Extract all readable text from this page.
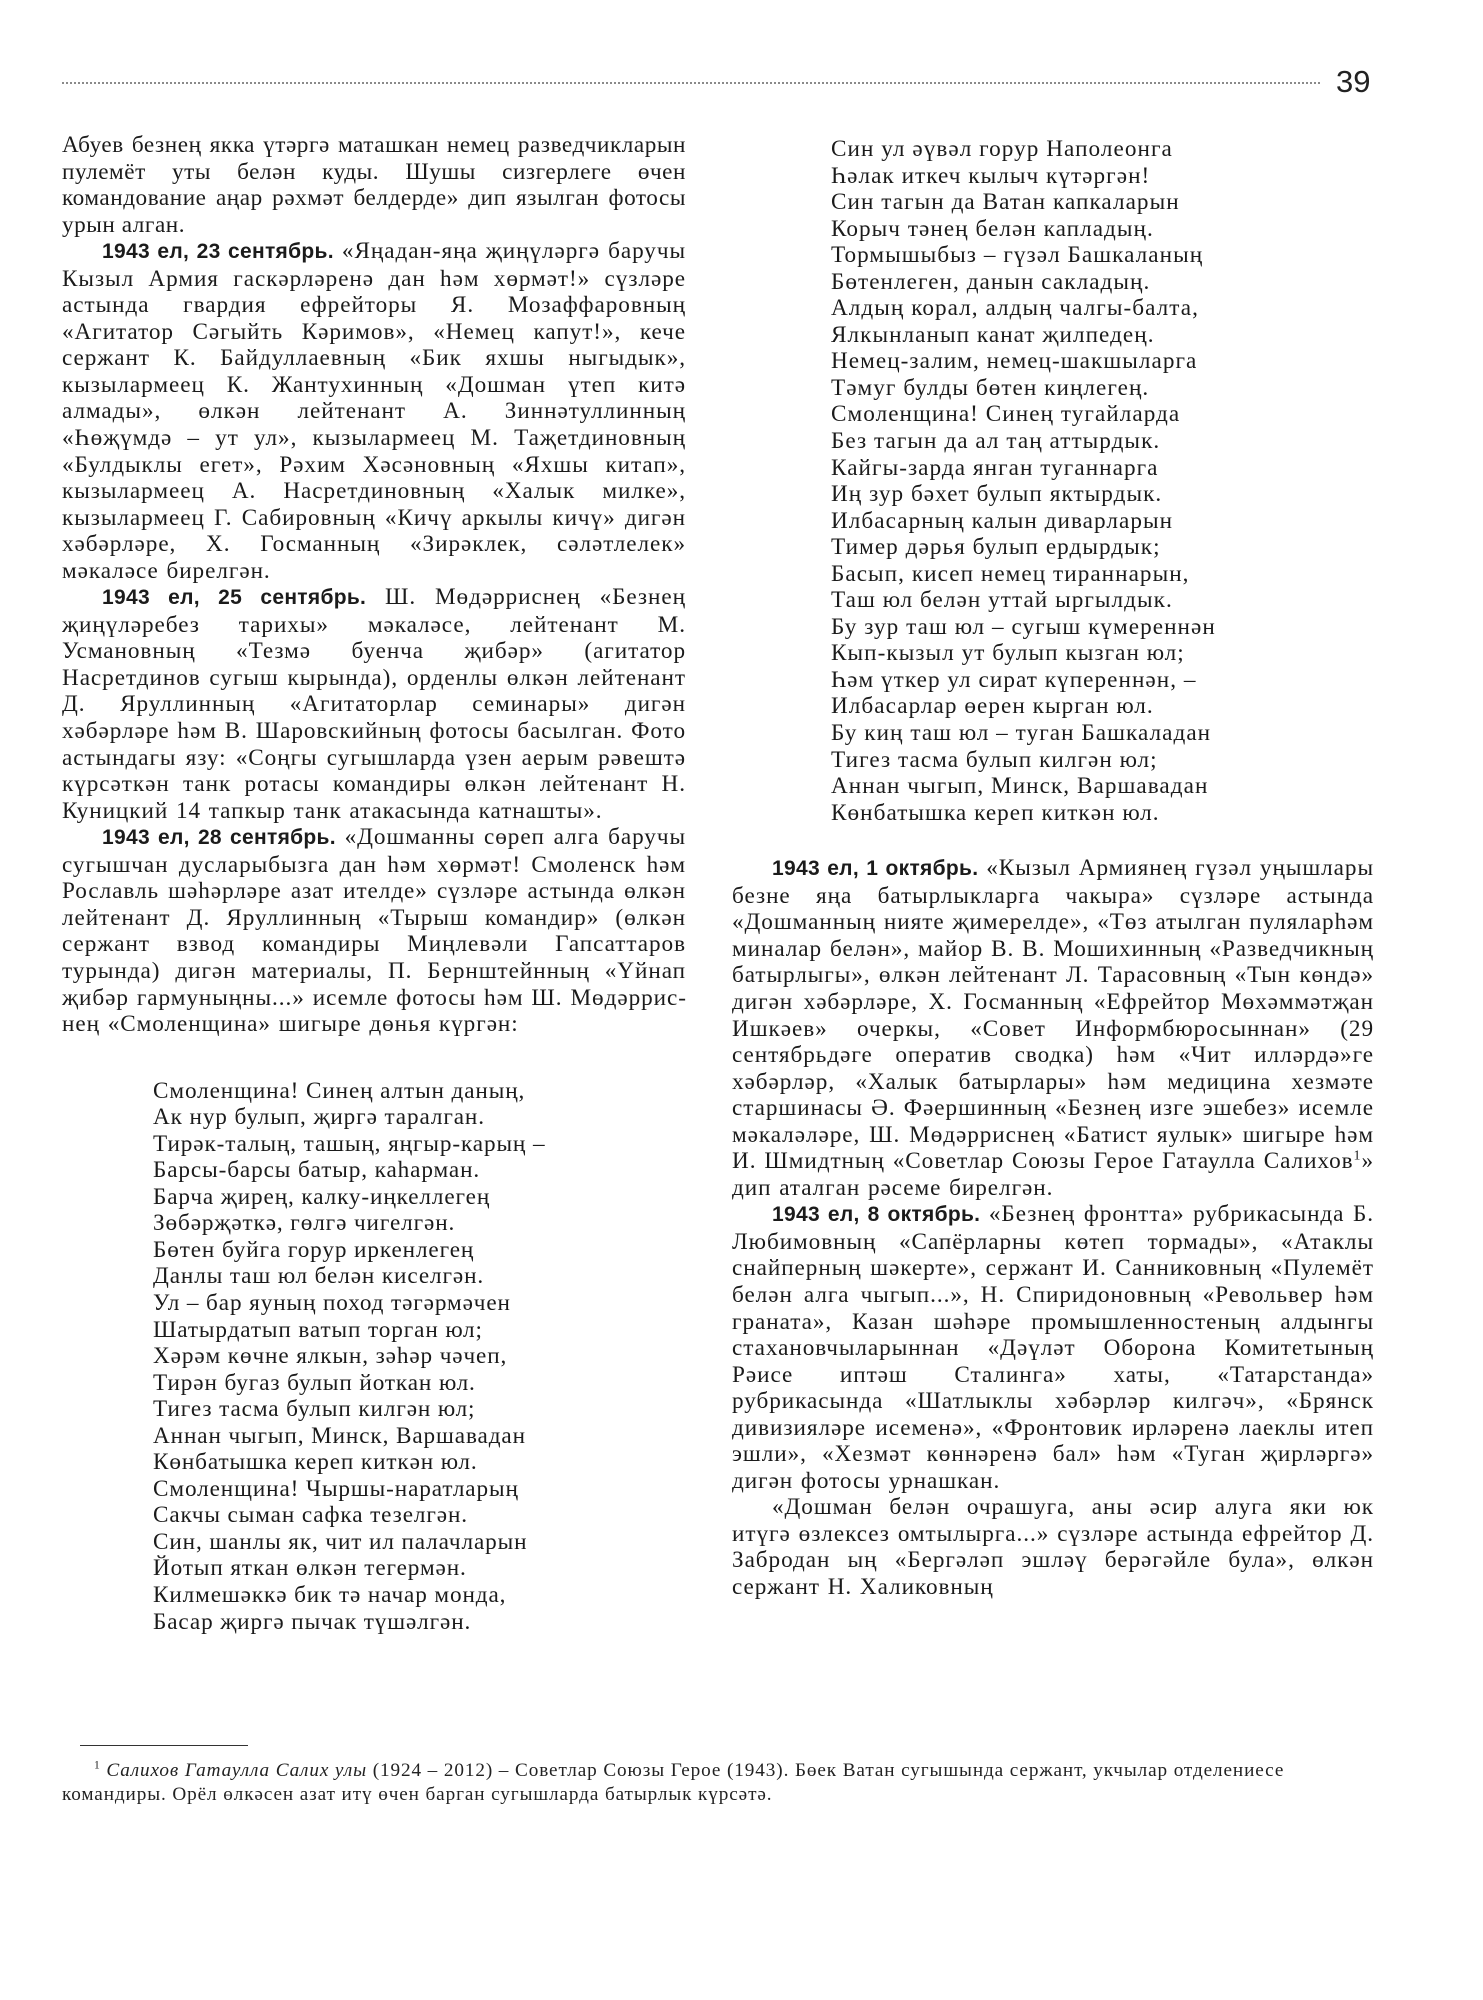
39

Абуев безнең якка үтәргә маташкан немец разведчикларын пулемёт уты белән куды. Шушы сизгерлеге өчен командование аңар рәхмәт белдерде» дип язылган фотосы урын алган.

1943 ел, 23 сентябрь. «Яңадан-яңа җиңүләргә баручы Кызыл Армия гаскәрләренә дан һәм хөрмәт!» сүзләре астында гвардия ефрейторы Я. Мозаффаровның «Агитатор Сәгыйть Кәримов», «Немец капут!», кече сержант К. Байдуллаевның «Бик яхшы ныгыдык», кызылармеец К. Жантухинның «Дошман үтеп китә алмады», өлкән лейтенант А. Зиннәтуллинның «Һөҗүмдә – ут ул», кызылармеец М. Таҗетдиновның «Булдыклы егет», Рәхим Хәсәновның «Яхшы китап», кызылармеец А. Насретдиновның «Халык милке», кызылармеец Г. Сабировның «Кичү аркылы кичү» дигән хәбәрләре, Х. Госманның «Зирәклек, сәләтлелек» мәкаләсе бирелгән.

1943 ел, 25 сентябрь. Ш. Мөдәрриснең «Безнең җиңүләребез тарихы» мәкаләсе, лейтенант М. Усмановның «Тезмә буенча җибәр» (агитатор Насретдинов сугыш кырында), орденлы өлкән лейтенант Д. Яруллинның «Агитаторлар семинары» дигән хәбәрләре һәм В. Шаровскийның фотосы басылган. Фото астындагы язу: «Соңгы сугышларда үзен аерым рәвештә күрсәткән танк ротасы командиры өлкән лейтенант Н. Куницкий 14 тапкыр танк атакасында катнашты».

1943 ел, 28 сентябрь. «Дошманны сөреп алга баручы сугышчан дусларыбызга дан һәм хөрмәт! Смоленск һәм Рославль шәһәрләре азат ителде» сүзләре астында өлкән лейтенант Д. Яруллинның «Тырыш командир» (өлкән сержант взвод командиры Миңлевәли Гапсаттаров турында) дигән материалы, П. Бернштейнның «Үйнап җибәр гармуныңны...» исемле фотосы һәм Ш. Мөдәрриснең «Смоленщина» шигыре дөнья күргән:

Смоленщина! Синең алтын даның,
Ак нур булып, җиргә таралган.
Тирәк-талың, ташың, яңгыр-карың –
Барсы-барсы батыр, каһарман.
Барча җирең, калку-иңкеллегең
Зөбәрҗәткә, гөлгә чигелгән.
Бөтен буйга горур иркенлегең
Данлы таш юл белән киселгән.
Ул – бар яуның поход тәгәрмәчен
Шатырдатып ватып торган юл;
Хәрәм көчне ялкын, зәһәр чәчеп,
Тирән бугаз булып йоткан юл.
Тигез тасма булып килгән юл;
Аннан чыгып, Минск, Варшавадан
Көнбатышка кереп киткән юл.
Смоленщина! Чыршы-наратларың
Сакчы сыман сафка тезелгән.
Син, шанлы як, чит ил палачларын
Йотып яткан өлкән тегермән.
Килмешәккә бик тә начар монда,
Басар җиргә пычак түшәлгән.
Син ул әүвәл горур Наполеонга
Һәлак иткеч кылыч күтәргән!
Син тагын да Ватан капкаларын
Корыч тәнең белән капладың.
Тормышыбыз – гүзәл Башкаланың
Бөтенлеген, данын сакладың.
Алдың корал, алдың чалгы-балта,
Ялкынланып канат җилпедең.
Немец-залим, немец-шакшыларга
Тәмуг булды бөтен киңлегең.
Смоленщина! Синең тугайларда
Без тагын да ал таң аттырдык.
Кайгы-зарда янган туганнарга
Иң зур бәхет булып яктырдык.
Илбасарның калын диварларын
Тимер дәрья булып ердырдык;
Басып, кисеп немец тираннарын,
Таш юл белән уттай ыргылдык.
Бу зур таш юл – сугыш күмереннән
Кып-кызыл ут булып кызган юл;
Һәм үткер ул сират күпереннән, –
Илбасарлар өерен кырган юл.
Бу киң таш юл – туган Башкаладан
Тигез тасма булып килгән юл;
Аннан чыгып, Минск, Варшавадан
Көнбатышка кереп киткән юл.

1943 ел, 1 октябрь. «Кызыл Армиянең гүзәл уңышлары безне яңа батырлыкларга чакыра» сүзләре астында «Дошманның нияте җимерелде», «Төз атылган пуляларһәм миналар белән», майор В. В. Мошихинның «Разведчикның батырлыгы», өлкән лейтенант Л. Тарасовның «Тын көндә» дигән хәбәрләре, Х. Госманның «Ефрейтор Мөхәммәтҗан Ишкәев» очеркы, «Совет Информбюросыннан» (29 сентябрьдәге оператив сводка) һәм «Чит илләрдә»ге хәбәрләр, «Халык батырлары» һәм медицина хезмәте старшинасы Ә. Фәершинның «Безнең изге эшебез» исемле мәкаләләре, Ш. Мөдәрриснең «Батист яулык» шигыре һәм И. Шмидтның «Советлар Союзы Герое Гатаулла Салихов$^1$» дип аталган рәсеме бирелгән.

1943 ел, 8 октябрь. «Безнең фронтта» рубрикасында Б. Любимовның «Сапёрларны көтеп тормады», «Атаклы снайперның шәкерте», сержант И. Санниковның «Пулемёт белән алга чыгып...», Н. Спиридоновның «Револьвер һәм граната», Казан шәһәре промышленностеның алдынгы стахановчыларыннан «Дәүләт Оборона Комитетының Рәисе иптәш Сталинга» хаты, «Татарстанда» рубрикасында «Шатлыклы хәбәрләр килгәч», «Брянск дивизияләре исеменә», «Фронтовик ирләренә лаеклы итеп эшли», «Хезмәт көннәренә бал» һәм «Туган җирләргә» дигән фотосы урнашкан.

«Дошман белән очрашуга, аны әсир алуга яки юк итүгә өзлексез омтылырга...» сүзләре астында ефрейтор Д. Забродан ың «Бергәләп эшләү берәгәйле була», өлкән сержант Н. Халиковның

$^1$ Салихов Гатаулла Салих улы (1924 – 2012) – Советлар Союзы Герое (1943). Бөек Ватан сугышында сержант, укчылар отделениесе командиры. Орёл өлкәсен азат итү өчен барган сугышларда батырлык күрсәтә.
